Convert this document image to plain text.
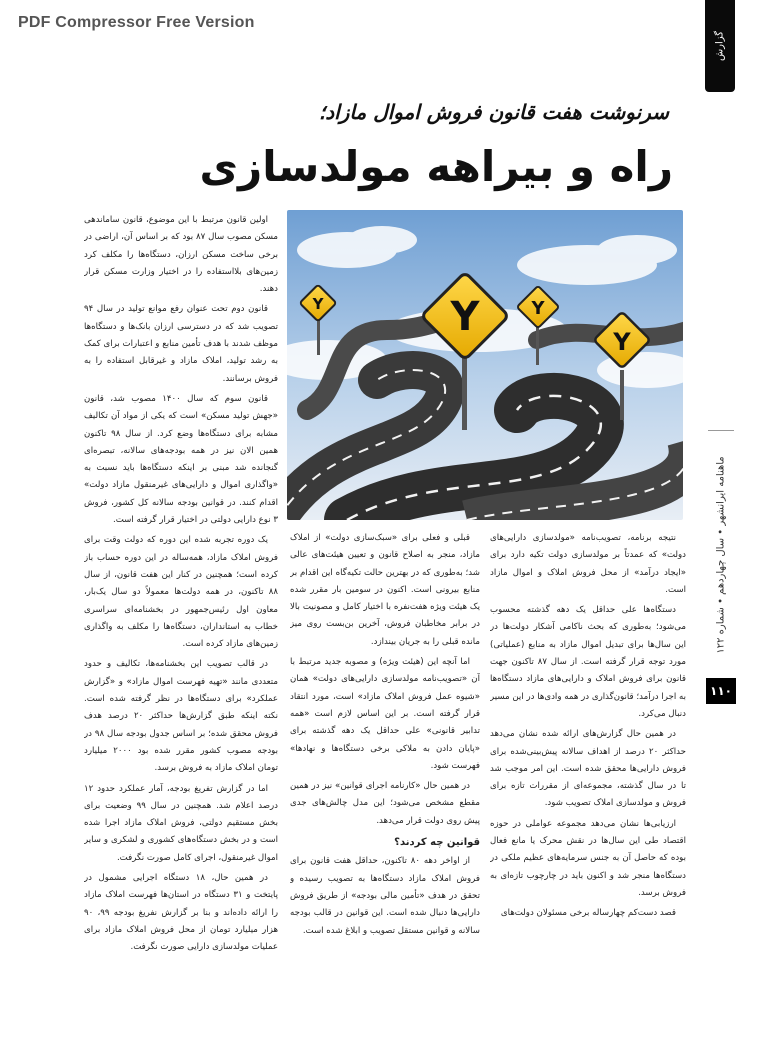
PDF Compressor Free Version
گزارش
ماهنامه ایرانشهر • سال چهاردهم • شماره ۱۲۲
۱۱۰
سرنوشت هفت قانون فروش اموال مازاد؛
راه و بیراهه مولدسازی
Y
Y
Y
Y

اولین قانون مرتبط با این موضوع، قانون ساماندهی مسکن مصوب سال ۸۷ بود که بر اساس آن، اراضی در برخی ساخت مسکن ارزان، دستگاه‌ها را مکلف کرد زمین‌های بلااستفاده را در اختیار وزارت مسکن قرار دهند.

قانون دوم تحت عنوان رفع موانع تولید در سال ۹۴ تصویب شد که در دسترسی ارزان بانک‌ها و دستگاه‌ها موظف شدند با هدف تأمین منابع و اعتبارات برای کمک به رشد تولید، املاک مازاد و غیرقابل استفاده را به فروش برسانند.

قانون سوم که سال ۱۴۰۰ مصوب شد، قانون «جهش تولید مسکن» است که یکی از مواد آن تکالیف مشابه برای دستگاه‌ها وضع کرد. از سال ۹۸ تاکنون همین الان نیز در همه بودجه‌های سالانه، تبصره‌ای گنجانده شد مبنی بر اینکه دستگاه‌ها باید نسبت به «واگذاری اموال و دارایی‌های غیرمنقول مازاد دولت» اقدام کنند. در قوانین بودجه سالانه کل کشور، فروش ۳ نوع دارایی دولتی در اختیار قرار گرفته است.

یک دوره تجربه شده این دوره که دولت وقت برای فروش املاک مازاد، همه‌ساله در این دوره حساب باز کرده است؛ همچنین در کنار این هفت قانون، از سال ۸۸ تاکنون، در همه دولت‌ها معمولاً دو سال یک‌بار، معاون اول رئیس‌جمهور در بخشنامه‌ای سراسری خطاب به استانداران، دستگاه‌ها را مکلف به واگذاری زمین‌های مازاد کرده است.

در قالب تصویب این بخشنامه‌ها، تکالیف و حدود متعددی مانند «تهیه فهرست اموال مازاد» و «گزارش عملکرد» برای دستگاه‌ها در نظر گرفته شده است. نکته اینکه طبق گزارش‌ها حداکثر ۲۰ درصد هدف فروش محقق شده؛ بر اساس جدول بودجه سال ۹۸ در بودجه مصوب کشور مقرر شده بود ۲۰۰۰ میلیارد تومان املاک مازاد به فروش برسد.

اما در گزارش تفریغ بودجه، آمار عملکرد حدود ۱۲ درصد اعلام شد. همچنین در سال ۹۹ وضعیت برای بخش مستقیم دولتی، فروش املاک مازاد اجرا شده است و در بخش دستگاه‌های کشوری و لشکری و سایر اموال غیرمنقول، اجرای کامل صورت نگرفت.

در همین حال، ۱۸ دستگاه اجرایی مشمول در پایتخت و ۳۱ دستگاه در استان‌ها فهرست املاک مازاد را ارائه داده‌اند و بنا بر گزارش نفریغ بودجه ۹۹، ۹۰ هزار میلیارد تومان از محل فروش املاک مازاد برای عملیات مولدسازی دارایی صورت نگرفت.

قبلی و فعلی برای «سبک‌سازی دولت» از املاک مازاد، منجر به اصلاح قانون و تعیین هیئت‌های عالی شد؛ به‌طوری که در بهترین حالت تکیه‌گاه این اقدام بر منابع بیرونی است. اکنون در سومین بار مقرر شده یک هیئت ویژه هفت‌نفره با اختیار کامل و مصونیت بالا در برابر مخاطبان فروش، آخرین بن‌بست روی میز مانده قبلی را به جریان بیندازد.

اما آنچه این (هیئت ویژه) و مصوبه جدید مرتبط با آن «تصویب‌نامه مولدسازی دارایی‌های دولت» همان «شیوه عمل فروش املاک مازاد» است، مورد انتقاد قرار گرفته است. بر این اساس لازم است «همه تدابیر قانونی» علی حداقل یک دهه گذشته برای «پایان دادن به ملاکی برخی دستگاه‌ها و نهادها» فهرست شود.

در همین حال «کارنامه اجرای قوانین» نیز در همین مقطع مشخص می‌شود؛ این مدل چالش‌های جدی پیش روی دولت قرار می‌دهد.

قوانین چه کردند؟

از اواخر دهه ۸۰ تاکنون، حداقل هفت قانون برای فروش املاک مازاد دستگاه‌ها به تصویب رسیده و تحقق در هدف «تأمین مالی بودجه» از طریق فروش دارایی‌ها دنبال شده است. این قوانین در قالب بودجه سالانه و قوانین مستقل تصویب و ابلاغ شده است.

نتیجه برنامه، تصویب‌نامه «مولدسازی دارایی‌های دولت» که عمدتاً بر مولدسازی دولت تکیه دارد برای «ایجاد درآمد» از محل فروش املاک و اموال مازاد است.

دستگاه‌ها علی حداقل یک دهه گذشته محسوب می‌شود؛ به‌طوری که بحث ناکامی آشکار دولت‌ها در این سال‌ها برای تبدیل اموال مازاد به منابع (عملیاتی) مورد توجه قرار گرفته است. از سال ۸۷ تاکنون جهت قانون برای فروش املاک و دارایی‌های مازاد دستگاه‌ها به اجرا درآمد؛ قانون‌گذاری در همه وادی‌ها در این مسیر دنبال می‌کرد.

در همین حال گزارش‌های ارائه شده نشان می‌دهد حداکثر ۲۰ درصد از اهداف سالانه پیش‌بینی‌شده برای فروش دارایی‌ها محقق شده است. این امر موجب شد تا در سال گذشته، مجموعه‌ای از مقررات تازه برای فروش و مولدسازی املاک تصویب شود.

ارزیابی‌ها نشان می‌دهد مجموعه عواملی در حوزه اقتصاد طی این سال‌ها در نقش محرک یا مانع فعال بوده که حاصل آن به جنس سرمایه‌های عظیم ملکی در دستگاه‌ها منجر شد و اکنون باید در چارچوب تازه‌ای به فروش برسد.

قصد دست‌کم چهارساله برخی مسئولان دولت‌های
